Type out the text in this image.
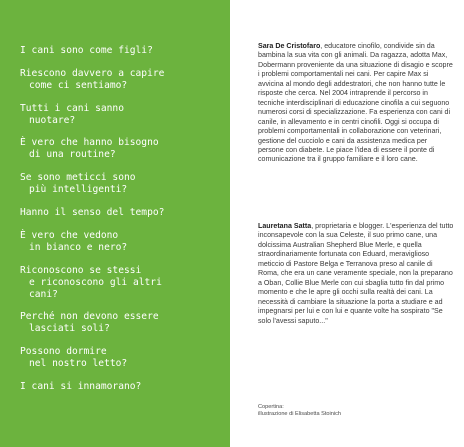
I cani sono come figli?
Riescono davvero a capire
come ci sentiamo?
Tutti i cani sanno
nuotare?
È vero che hanno bisogno
di una routine?
Se sono meticci sono
più intelligenti?
Hanno il senso del tempo?
È vero che vedono
in bianco e nero?
Riconoscono se stessi
e riconoscono gli altri
cani?
Perché non devono essere
lasciati soli?
Possono dormire
nel nostro letto?
I cani si innamorano?

Sara De Cristofaro, educatore cinofilo, condivide sin da bambina la sua vita con gli animali. Da ragazza, adotta Max, Dobermann proveniente da una situazione di disagio e scopre i problemi comportamentali nei cani. Per capire Max si avvicina al mondo degli addestratori, che non hanno tutte le risposte che cerca. Nel 2004 intraprende il percorso in tecniche interdisciplinari di educazione cinofila a cui seguono numerosi corsi di specializzazione. Fa esperienza con cani di canile, in allevamento e in centri cinofili. Oggi si occupa di problemi comportamentali in collaborazione con veterinari, gestione del cucciolo e cani da assistenza medica per persone con diabete. Le piace l'idea di essere il ponte di comunicazione tra il gruppo familiare e il loro cane.

Lauretana Satta, proprietaria e blogger. L'esperienza del tutto inconsapevole con la sua Celeste, il suo primo cane, una dolcissima Australian Shepherd Blue Merle, e quella straordinariamente fortunata con Eduard, meraviglioso meticcio di Pastore Belga e Terranova preso al canile di Roma, che era un cane veramente speciale, non la preparano a Oban, Collie Blue Merle con cui sbaglia tutto fin dal primo momento e che le apre gli occhi sulla realtà dei cani. La necessità di cambiare la situazione la porta a studiare e ad impegnarsi per lui e con lui e quante volte ha sospirato "Se solo l'avessi saputo..."

Copertina:
illustrazione di Elisabetta Stoinich
